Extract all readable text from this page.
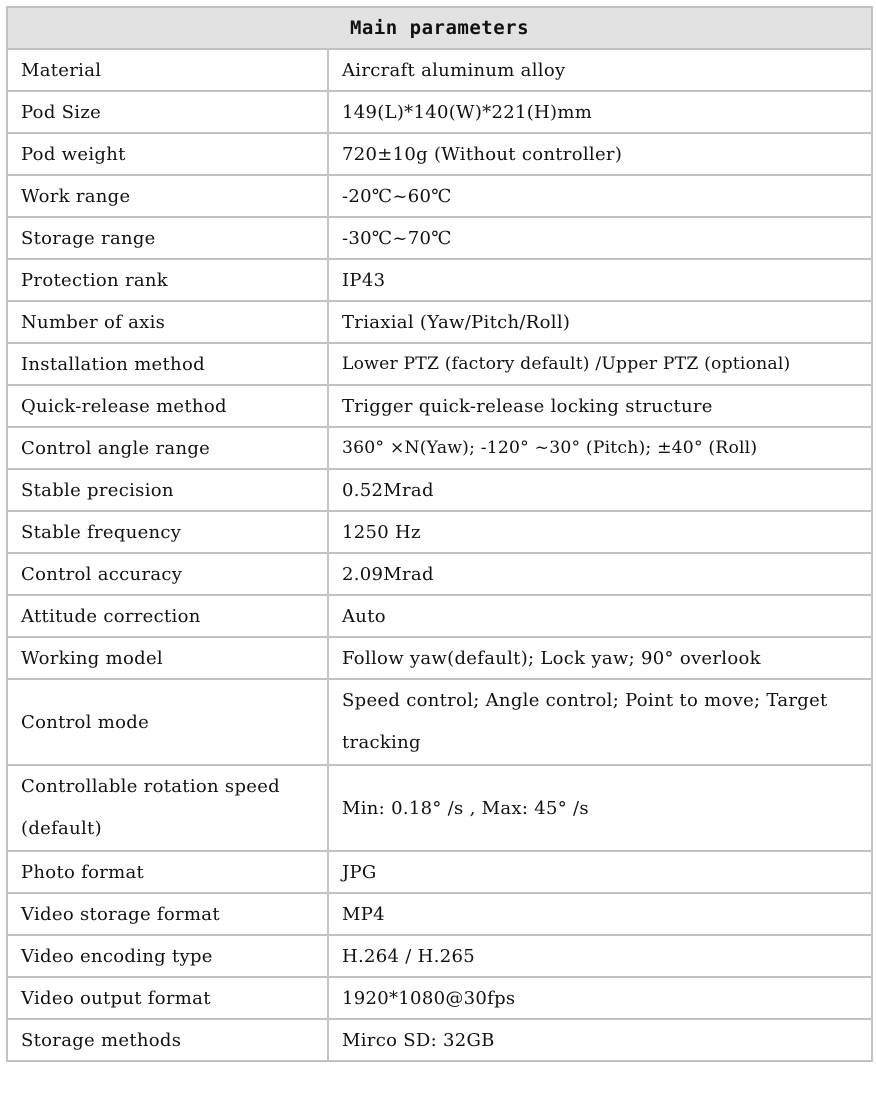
Main parameters	
Material	Aircraft aluminum alloy
Pod Size	149(L)*140(W)*221(H)mm
Pod weight	720±10g (Without controller)
Work range	-20℃~60℃
Storage range	-30℃~70℃
Protection rank	IP43
Number of axis	Triaxial (Yaw/Pitch/Roll)
Installation method	Lower PTZ (factory default) /Upper PTZ (optional)
Quick-release method	Trigger quick-release locking structure
Control angle range	360° ×N(Yaw); -120° ~30° (Pitch); ±40° (Roll)
Stable precision	0.52Mrad
Stable frequency	1250 Hz
Control accuracy	2.09Mrad
Attitude correction	Auto
Working model	Follow yaw(default); Lock yaw; 90° overlook
Control mode	Speed control; Angle control; Point to move; Target tracking
Controllable rotation speed (default)	Min: 0.18° /s , Max: 45° /s
Photo format	JPG
Video storage format	MP4
Video encoding type	H.264 / H.265
Video output format	1920*1080@30fps
Storage methods	Mirco SD: 32GB
